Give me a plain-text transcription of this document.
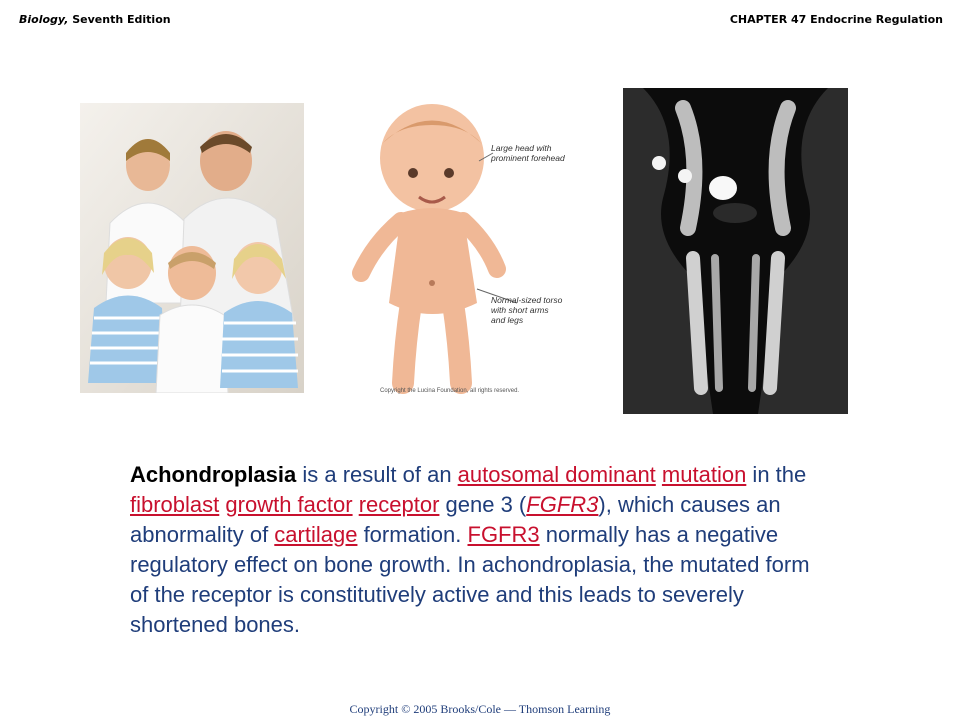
Biology, Seventh Edition	CHAPTER 47 Endocrine Regulation
Large head with
prominent forehead
Normal-sized torso
with short arms
and legs
Copyright the Lucina Foundation, all rights reserved.
Achondroplasia is a result of an autosomal dominant mutation in the fibroblast growth factor receptor gene 3 (FGFR3), which causes an abnormality of cartilage formation. FGFR3 normally has a negative regulatory effect on bone growth. In achondroplasia, the mutated form of the receptor is constitutively active and this leads to severely shortened bones.
Copyright © 2005 Brooks/Cole — Thomson Learning
